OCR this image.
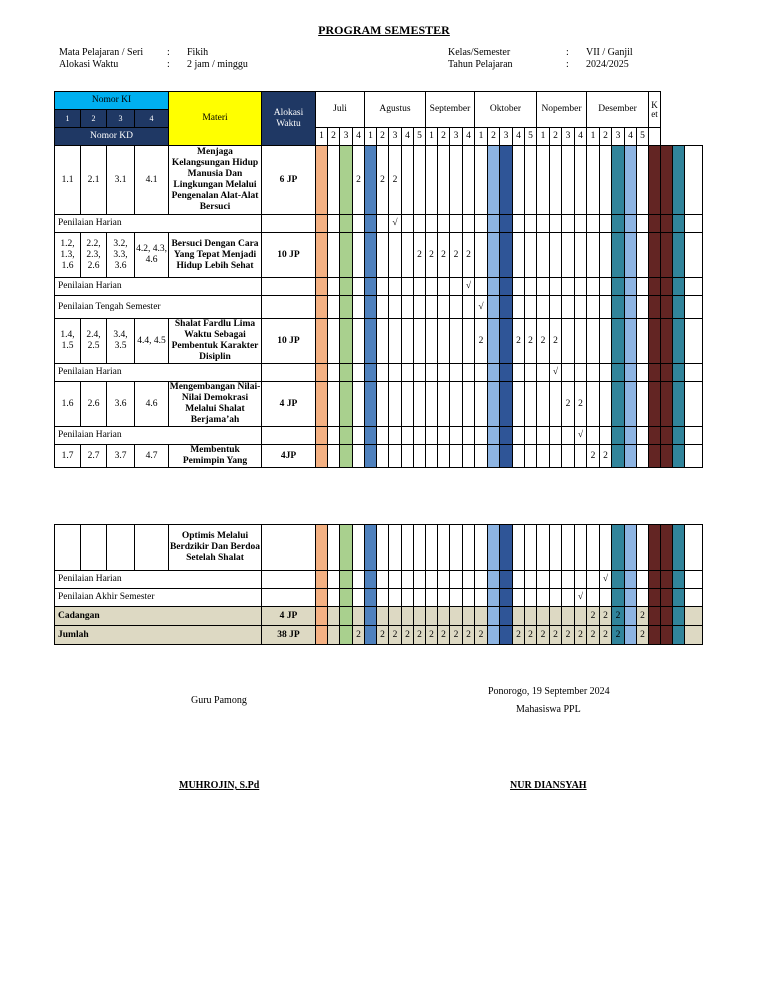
PROGRAM SEMESTER
Mata Pelajaran / Seri : Fikih
Alokasi Waktu	: 2 jam / minggu
Kelas/Semester	: VII / Ganjil
Tahun Pelajaran	: 2024/2025
Nomor KI				Materi	Alokasi Waktu	Juli				Agustus					September				Oktober					Nopember				Desember					K et			
1	2	3	4																																	
Nomor KD						1	2	3	4	1	2	3	4	5	1	2	3	4	1	2	3	4	5	1	2	3	4	1	2	3	4	5				
1.1	2.1	3.1	4.1	Menjaga Kelangsungan Hidup Manusia Dan Lingkungan Melalui Pengenalan Alat-Alat Bersuci	6 JP				2		2	2																								
Penilaian Harian												√																								
1.2, 1.3, 1.6	2.2, 2.3, 2.6	3.2, 3.3, 3.6	4.2, 4.3, 4.6	Bersuci Dengan Cara Yang Tepat Menjadi Hidup Lebih Sehat	10 JP									2	2	2	2	2																		
Penilaian Harian																		√																		
Penilaian Tengah Semester																			√																	
1.4, 1.5	2.4, 2.5	3.4, 3.5	4.4, 4.5	Shalat Fardlu Lima Waktu Sebagai Pembentuk Karakter Disiplin	10 JP														2			2	2	2	2											
Penilaian Harian																									√											
1.6	2.6	3.6	4.6	Mengembangan Nilai-Nilai Demokrasi Melalui Shalat Berjama’ah	4 JP																					2	2									
Penilaian Harian																											√									
1.7	2.7	3.7	4.7	Membentuk Pemimpin Yang	4JP																							2	2							
				Optimis Melalui Berdzikir Dan Berdoa Setelah Shalat																																
Penilaian Harian																													√							
Penilaian Akhir Semester																											√									
Cadangan					4 JP																							2	2	2		2				
Jumlah					38 JP				2		2	2	2	2	2	2	2	2	2			2	2	2	2	2	2	2	2	2		2				
Ponorogo, 19 September 2024
Guru Pamong
Mahasiswa PPL
MUHROJIN, S.Pd	NUR DIANSYAH
